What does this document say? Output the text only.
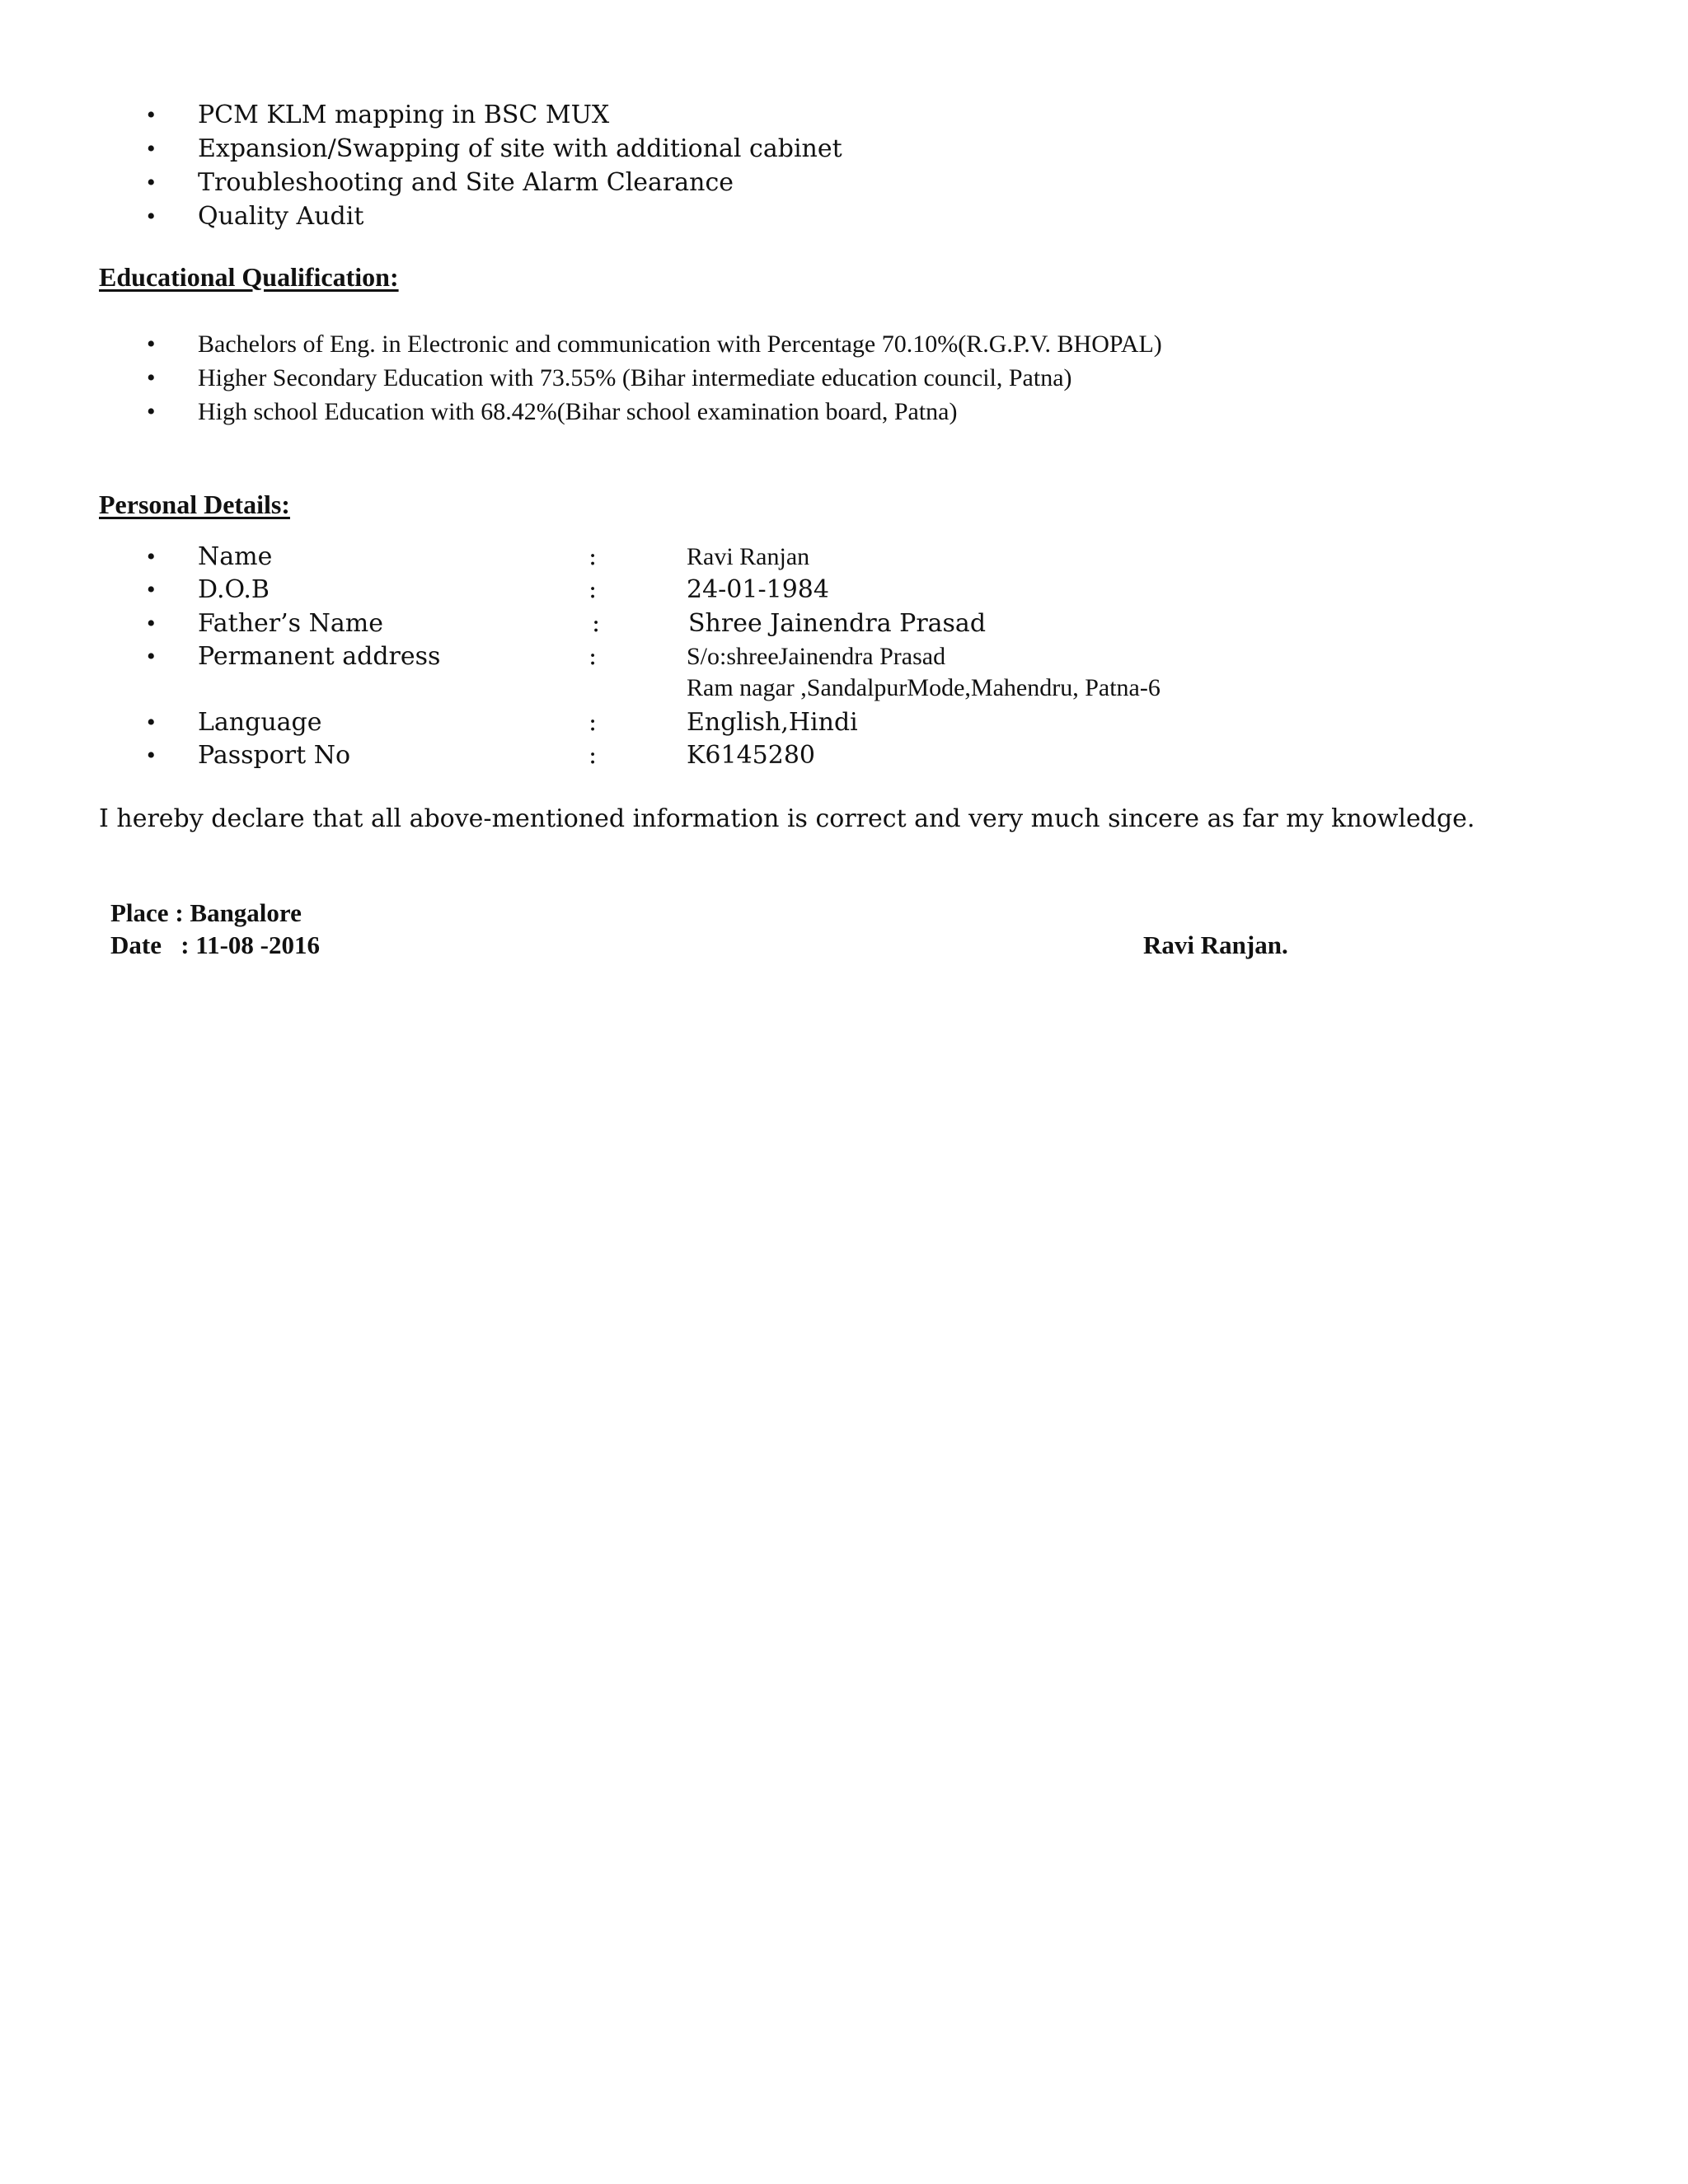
• PCM KLM mapping in BSC MUX
• Expansion/Swapping of site with additional cabinet
• Troubleshooting and Site Alarm Clearance
• Quality Audit
Educational Qualification:
• Bachelors of Eng. in Electronic and communication with Percentage 70.10%(R.G.P.V. BHOPAL)
• Higher Secondary Education with 73.55% (Bihar intermediate education council, Patna)
• High school Education with 68.42%(Bihar school examination board, Patna)
Personal Details:
• Name	:	Ravi Ranjan
• D.O.B	:	24-01-1984
• Father’s Name	:	Shree Jainendra Prasad
• Permanent address	:	S/o:shreeJainendra Prasad
Ram nagar ,SandalpurMode,Mahendru, Patna-6
• Language	:	English,Hindi
• Passport No	:	K6145280
I hereby declare that all above-mentioned information is correct and very much sincere as far my knowledge.
Place : Bangalore
Date   : 11-08 -2016	Ravi Ranjan.
